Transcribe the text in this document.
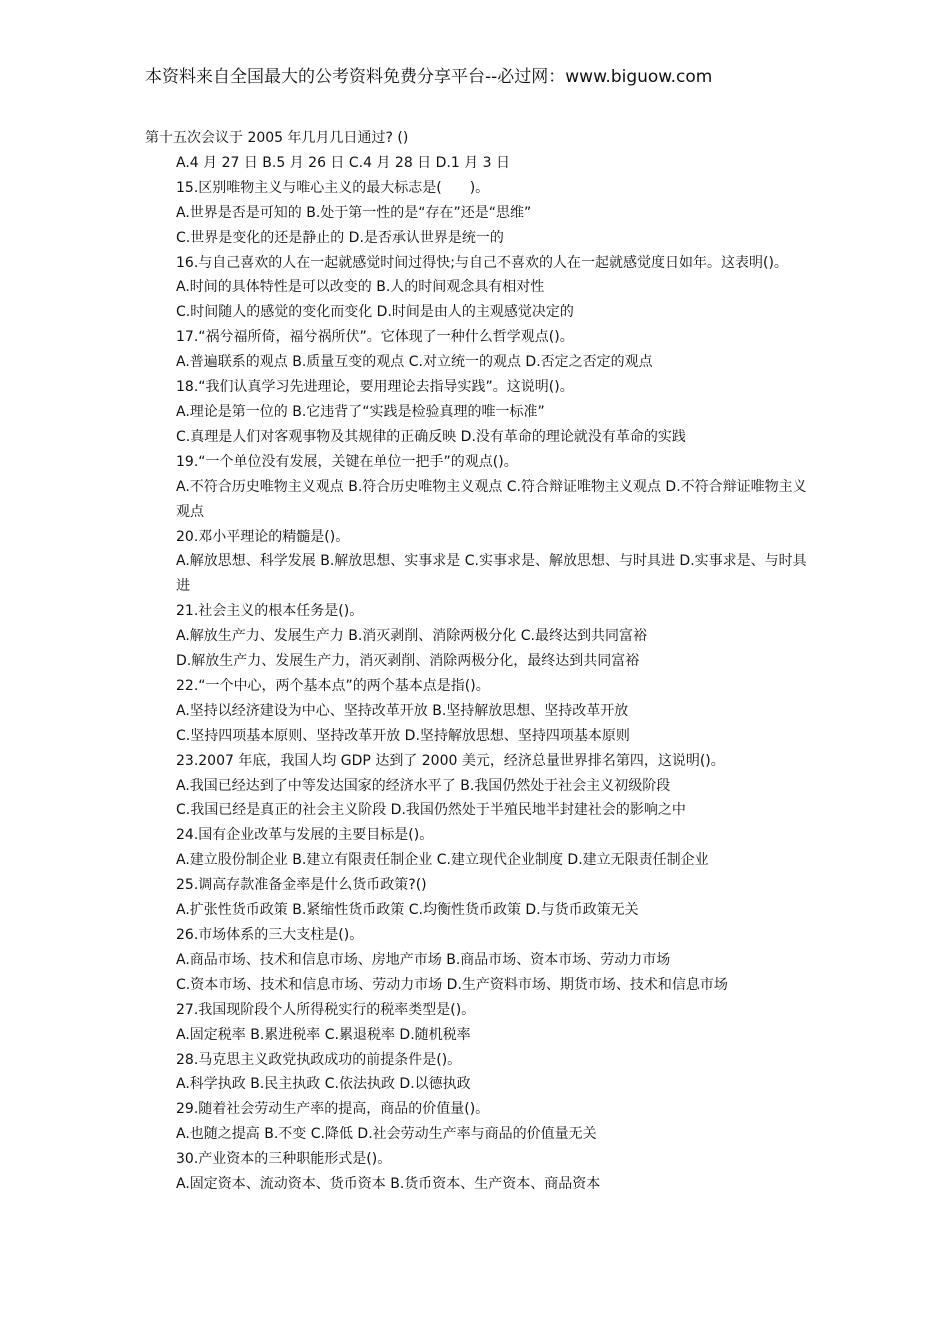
本资料来自全国最大的公考资料免费分享平台--必过网：www.biguow.com
第十五次会议于 2005 年几月几日通过? ()
A.4 月 27 日 B.5 月 26 日 C.4 月 28 日 D.1 月 3 日
15.区别唯物主义与唯心主义的最大标志是(　　)。
A.世界是否是可知的 B.处于第一性的是“存在”还是“思维”
C.世界是变化的还是静止的 D.是否承认世界是统一的
16.与自己喜欢的人在一起就感觉时间过得快;与自己不喜欢的人在一起就感觉度日如年。这表明()。
A.时间的具体特性是可以改变的 B.人的时间观念具有相对性
C.时间随人的感觉的变化而变化 D.时间是由人的主观感觉决定的
17.“祸兮福所倚，福兮祸所伏”。它体现了一种什么哲学观点()。
A.普遍联系的观点 B.质量互变的观点 C.对立统一的观点 D.否定之否定的观点
18.“我们认真学习先进理论，要用理论去指导实践”。这说明()。
A.理论是第一位的 B.它违背了“实践是检验真理的唯一标准”
C.真理是人们对客观事物及其规律的正确反映 D.没有革命的理论就没有革命的实践
19.“一个单位没有发展，关键在单位一把手”的观点()。
A.不符合历史唯物主义观点 B.符合历史唯物主义观点 C.符合辩证唯物主义观点 D.不符合辩证唯物主义观点
20.邓小平理论的精髓是()。
A.解放思想、科学发展 B.解放思想、实事求是 C.实事求是、解放思想、与时具进 D.实事求是、与时具进
21.社会主义的根本任务是()。
A.解放生产力、发展生产力 B.消灭剥削、消除两极分化 C.最终达到共同富裕
D.解放生产力、发展生产力，消灭剥削、消除两极分化，最终达到共同富裕
22.“一个中心，两个基本点”的两个基本点是指()。
A.坚持以经济建设为中心、坚持改革开放 B.坚持解放思想、坚持改革开放
C.坚持四项基本原则、坚持改革开放 D.坚持解放思想、坚持四项基本原则
23.2007 年底，我国人均 GDP 达到了 2000 美元，经济总量世界排名第四，这说明()。
A.我国已经达到了中等发达国家的经济水平了 B.我国仍然处于社会主义初级阶段
C.我国已经是真正的社会主义阶段 D.我国仍然处于半殖民地半封建社会的影响之中
24.国有企业改革与发展的主要目标是()。
A.建立股份制企业 B.建立有限责任制企业 C.建立现代企业制度 D.建立无限责任制企业
25.调高存款准备金率是什么货币政策?()
A.扩张性货币政策 B.紧缩性货币政策 C.均衡性货币政策 D.与货币政策无关
26.市场体系的三大支柱是()。
A.商品市场、技术和信息市场、房地产市场 B.商品市场、资本市场、劳动力市场
C.资本市场、技术和信息市场、劳动力市场 D.生产资料市场、期货市场、技术和信息市场
27.我国现阶段个人所得税实行的税率类型是()。
A.固定税率 B.累进税率 C.累退税率 D.随机税率
28.马克思主义政党执政成功的前提条件是()。
A.科学执政 B.民主执政 C.依法执政 D.以德执政
29.随着社会劳动生产率的提高，商品的价值量()。
A.也随之提高 B.不变 C.降低 D.社会劳动生产率与商品的价值量无关
30.产业资本的三种职能形式是()。
A.固定资本、流动资本、货币资本 B.货币资本、生产资本、商品资本
